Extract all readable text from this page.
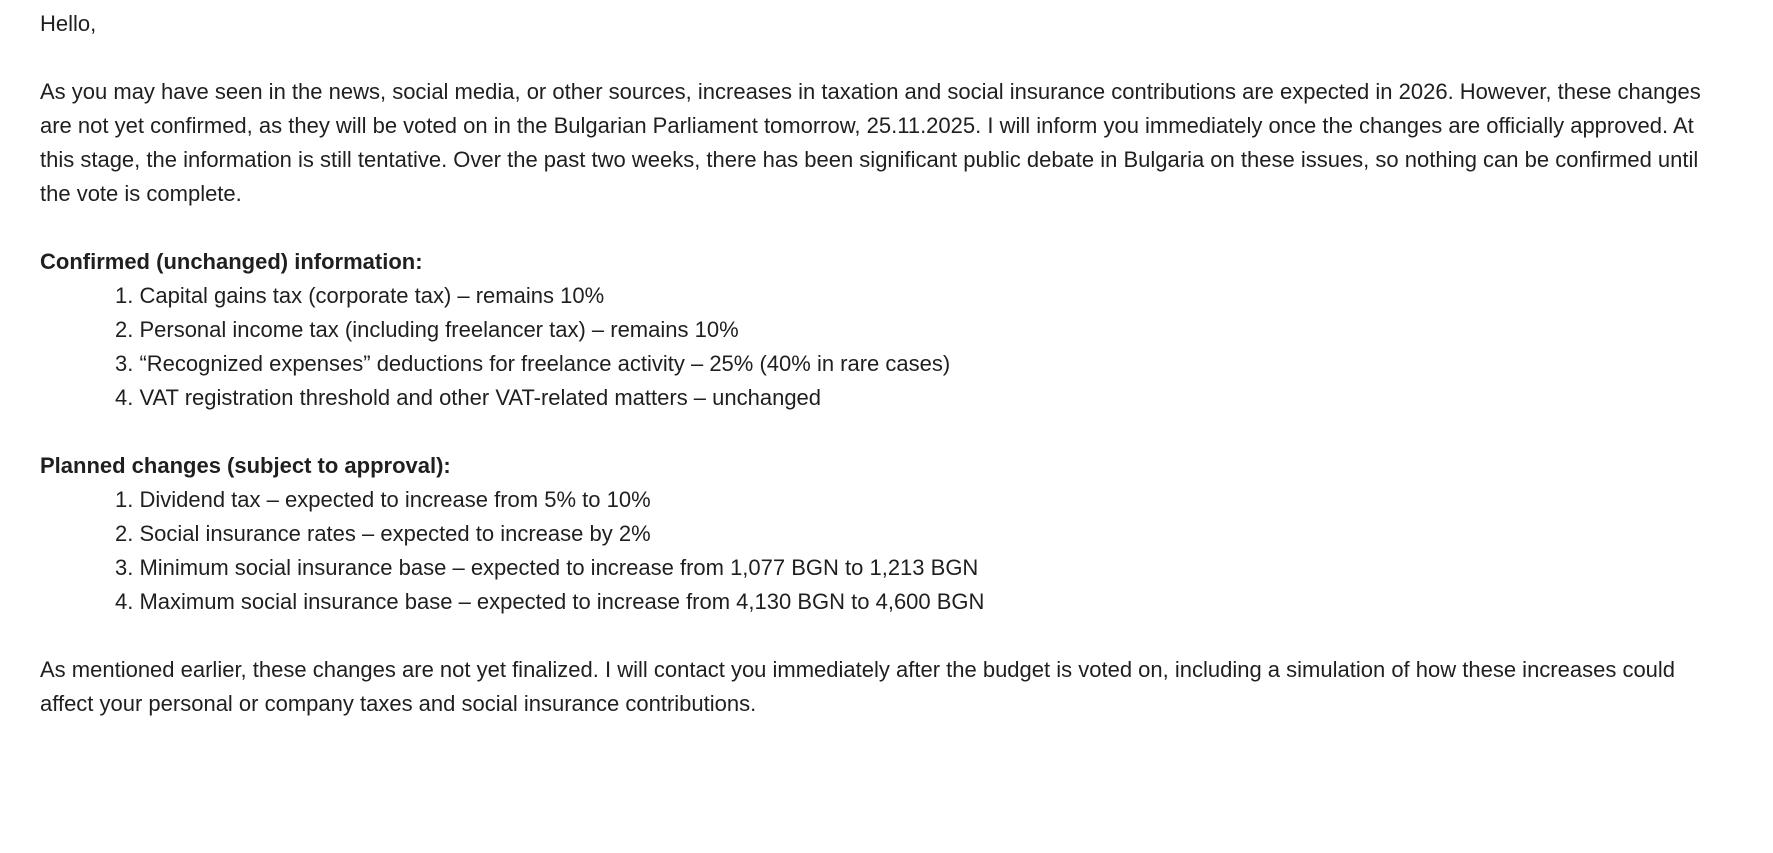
Hello,
As you may have seen in the news, social media, or other sources, increases in taxation and social insurance contributions are expected in 2026. However, these changes are not yet confirmed, as they will be voted on in the Bulgarian Parliament tomorrow, 25.11.2025. I will inform you immediately once the changes are officially approved. At this stage, the information is still tentative. Over the past two weeks, there has been significant public debate in Bulgaria on these issues, so nothing can be confirmed until the vote is complete.
Confirmed (unchanged) information:
1. Capital gains tax (corporate tax) – remains 10%
2. Personal income tax (including freelancer tax) – remains 10%
3. “Recognized expenses” deductions for freelance activity – 25% (40% in rare cases)
4. VAT registration threshold and other VAT-related matters – unchanged
Planned changes (subject to approval):
1. Dividend tax – expected to increase from 5% to 10%
2. Social insurance rates – expected to increase by 2%
3. Minimum social insurance base – expected to increase from 1,077 BGN to 1,213 BGN
4. Maximum social insurance base – expected to increase from 4,130 BGN to 4,600 BGN
As mentioned earlier, these changes are not yet finalized. I will contact you immediately after the budget is voted on, including a simulation of how these increases could affect your personal or company taxes and social insurance contributions.
